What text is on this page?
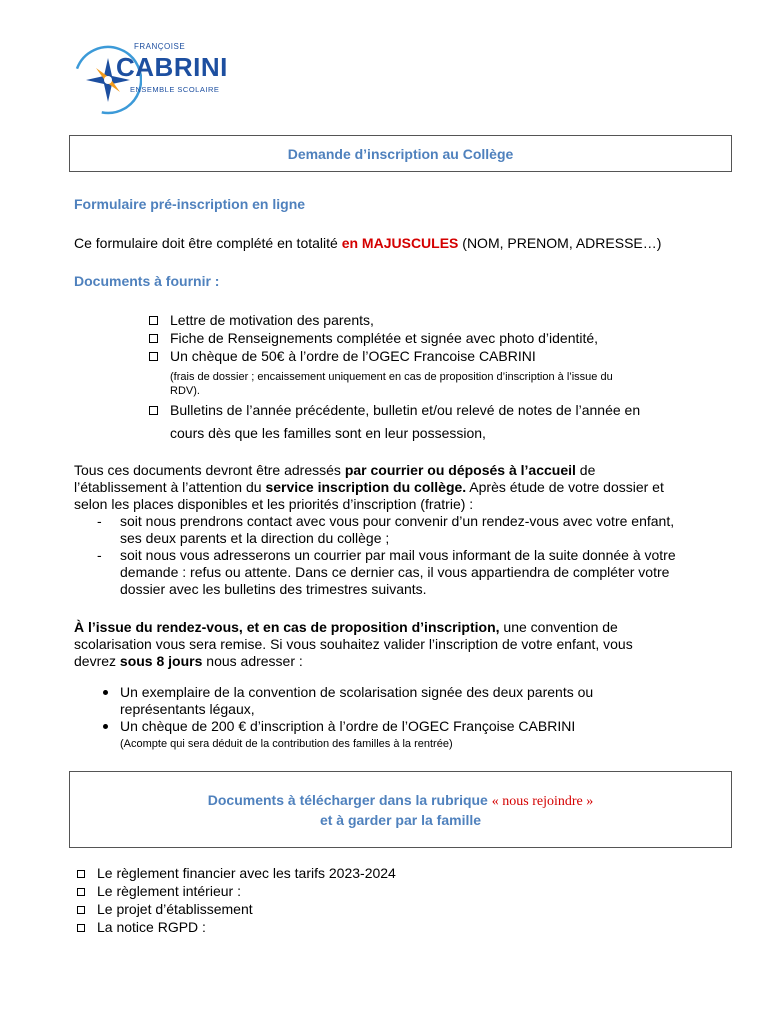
FRANÇOISE
CABRINI
ENSEMBLE SCOLAIRE
Demande d’inscription au Collège
Formulaire pré-inscription en ligne
Ce formulaire doit être complété en totalité en MAJUSCULES (NOM, PRENOM, ADRESSE…)
Documents à fournir :
Lettre de motivation des parents,
Fiche de Renseignements complétée et signée avec photo d’identité,
Un chèque de 50€ à l’ordre de l’OGEC Francoise CABRINI
(frais de dossier ; encaissement uniquement en cas de proposition d’inscription à l’issue du
RDV).
Bulletins de l’année précédente, bulletin et/ou relevé de notes de l’année en
cours dès que les familles sont en leur possession,
Tous ces documents devront être adressés par courrier ou déposés à l’accueil de
l’établissement à l’attention du service inscription du collège. Après étude de votre dossier et
selon les places disponibles et les priorités d’inscription (fratrie) :
- soit nous prendrons contact avec vous pour convenir d’un rendez-vous avec votre enfant,
ses deux parents et la direction du collège ;
- soit nous vous adresserons un courrier par mail vous informant de la suite donnée à votre
demande : refus ou attente. Dans ce dernier cas, il vous appartiendra de compléter votre
dossier avec les bulletins des trimestres suivants.
À l’issue du rendez-vous, et en cas de proposition d’inscription, une convention de
scolarisation vous sera remise. Si vous souhaitez valider l’inscription de votre enfant, vous
devrez sous 8 jours nous adresser :
Un exemplaire de la convention de scolarisation signée des deux parents ou
représentants légaux,
Un chèque de 200 € d’inscription à l’ordre de l’OGEC Françoise CABRINI
(Acompte qui sera déduit de la contribution des familles à la rentrée)
Documents à télécharger dans la rubrique « nous rejoindre »
et à garder par la famille
Le règlement financier avec les tarifs 2023-2024
Le règlement intérieur :
Le projet d’établissement
La notice RGPD :
